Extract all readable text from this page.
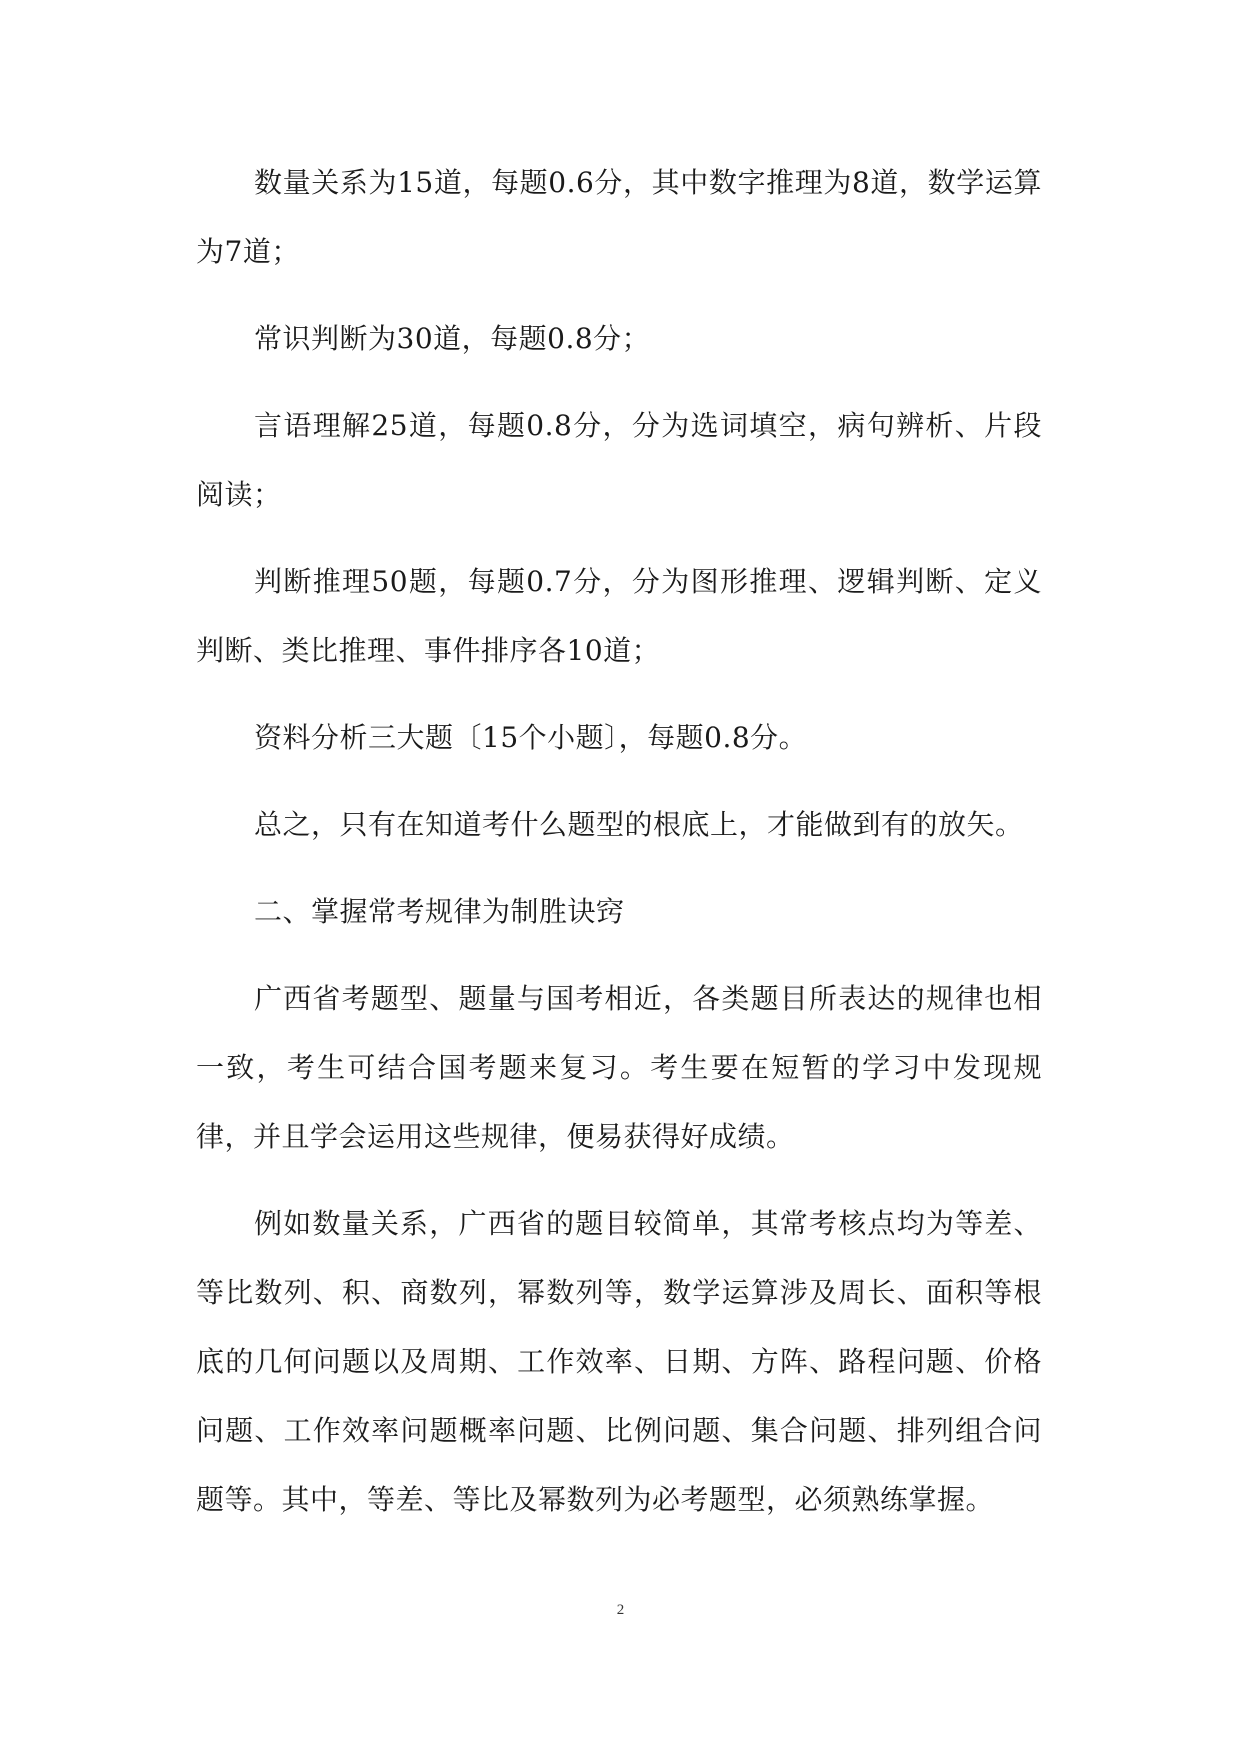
数量关系为15道，每题0.6分，其中数字推理为8道，数学运算为7道；

常识判断为30道，每题0.8分；

言语理解25道，每题0.8分，分为选词填空，病句辨析、片段阅读；

判断推理50题，每题0.7分，分为图形推理、逻辑判断、定义判断、类比推理、事件排序各10道；

资料分析三大题〔15个小题〕，每题0.8分。

总之，只有在知道考什么题型的根底上，才能做到有的放矢。

二、掌握常考规律为制胜诀窍

广西省考题型、题量与国考相近，各类题目所表达的规律也相一致，考生可结合国考题来复习。考生要在短暂的学习中发现规律，并且学会运用这些规律，便易获得好成绩。

例如数量关系，广西省的题目较简单，其常考核点均为等差、等比数列、积、商数列，幂数列等，数学运算涉及周长、面积等根底的几何问题以及周期、工作效率、日期、方阵、路程问题、价格问题、工作效率问题概率问题、比例问题、集合问题、排列组合问题等。其中，等差、等比及幂数列为必考题型，必须熟练掌握。

2
